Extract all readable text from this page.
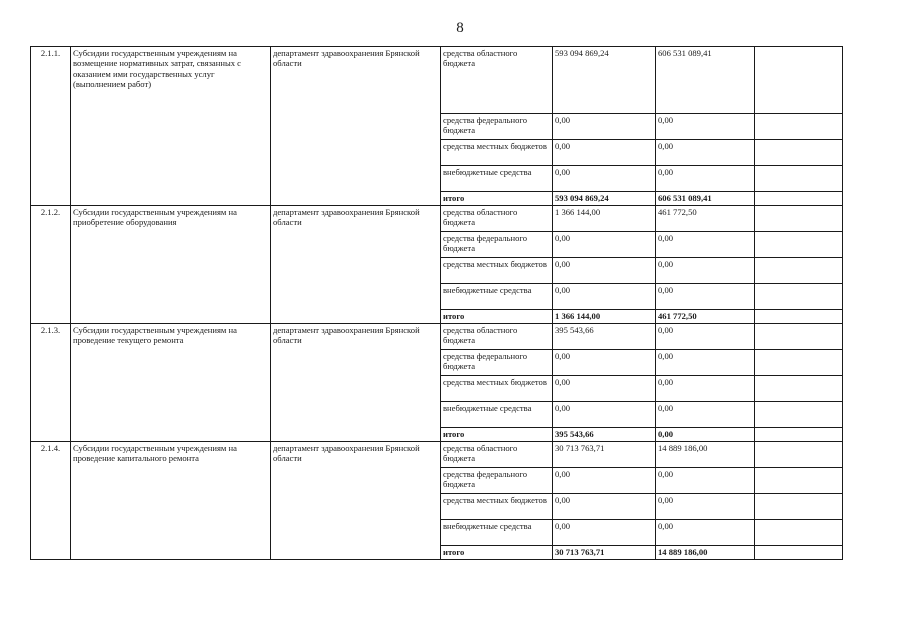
8
2.1.1.	Субсидии государственным учреждениям на возмещение нормативных затрат, связанных с оказанием ими государственных услуг (выполнением работ)	департамент здравоохранения Брянской области	средства областного бюджета	593 094 869,24	606 531 089,41	
			средства федерального бюджета	0,00	0,00	
			средства местных бюджетов	0,00	0,00	
			внебюджетные средства	0,00	0,00	
			итого	593 094 869,24	606 531 089,41	
2.1.2.	Субсидии государственным учреждениям на приобретение оборудования	департамент здравоохранения Брянской области	средства областного бюджета	1 366 144,00	461 772,50	
			средства федерального бюджета	0,00	0,00	
			средства местных бюджетов	0,00	0,00	
			внебюджетные средства	0,00	0,00	
			итого	1 366 144,00	461 772,50	
2.1.3.	Субсидии государственным учреждениям на проведение текущего ремонта	департамент здравоохранения Брянской области	средства областного бюджета	395 543,66	0,00	
			средства федерального бюджета	0,00	0,00	
			средства местных бюджетов	0,00	0,00	
			внебюджетные средства	0,00	0,00	
			итого	395 543,66	0,00	
2.1.4.	Субсидии государственным учреждениям на проведение капитального ремонта	департамент здравоохранения Брянской области	средства областного бюджета	30 713 763,71	14 889 186,00	
			средства федерального бюджета	0,00	0,00	
			средства местных бюджетов	0,00	0,00	
			внебюджетные средства	0,00	0,00	
			итого	30 713 763,71	14 889 186,00	
